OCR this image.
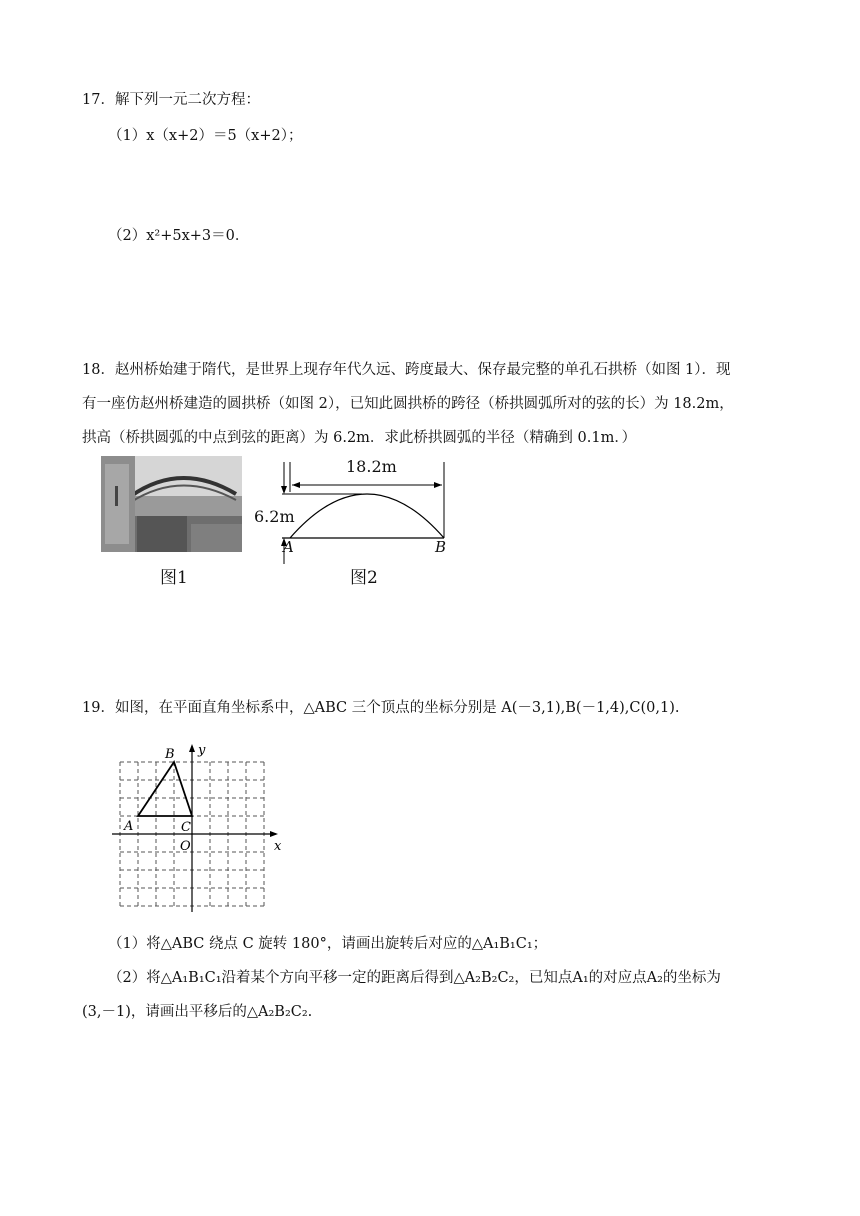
17．解下列一元二次方程：
（1）x（x+2）＝5（x+2）；
（2）x²+5x+3＝0．
18．赵州桥始建于隋代，是世界上现存年代久远、跨度最大、保存最完整的单孔石拱桥（如图 1）．现
有一座仿赵州桥建造的圆拱桥（如图 2），已知此圆拱桥的跨径（桥拱圆弧所对的弦的长）为 18.2m，
拱高（桥拱圆弧的中点到弦的距离）为 6.2m．求此桥拱圆弧的半径（精确到 0.1m．）
图1
18.2m
6.2m
A	B
图2
19．如图，在平面直角坐标系中，△ABC 三个顶点的坐标分别是 A(－3,1),B(－1,4),C(0,1).
A
B
C
O	x
y
（1）将△ABC 绕点 C 旋转 180°，请画出旋转后对应的△A₁B₁C₁；
（2）将△A₁B₁C₁沿着某个方向平移一定的距离后得到△A₂B₂C₂，已知点A₁的对应点A₂的坐标为
(3,－1)，请画出平移后的△A₂B₂C₂.
